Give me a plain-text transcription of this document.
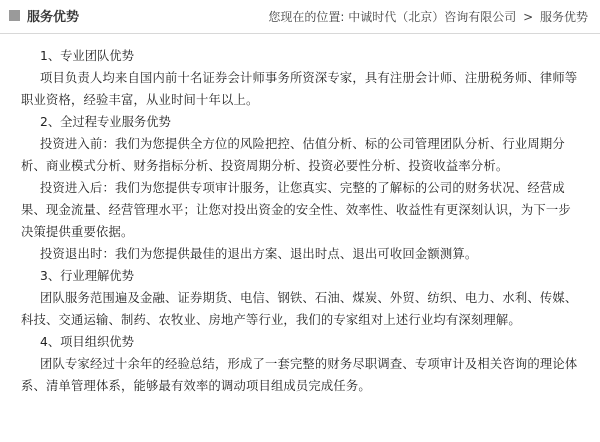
服务优势	您现在的位置: 中诚时代（北京）咨询有限公司 > 服务优势

1、专业团队优势

项目负责人均来自国内前十名证券会计师事务所资深专家，具有注册会计师、注册税务师、律师等职业资格，经验丰富，从业时间十年以上。

2、全过程专业服务优势

投资进入前：我们为您提供全方位的风险把控、估值分析、标的公司管理团队分析、行业周期分析、商业模式分析、财务指标分析、投资周期分析、投资必要性分析、投资收益率分析。

投资进入后：我们为您提供专项审计服务，让您真实、完整的了解标的公司的财务状况、经营成果、现金流量、经营管理水平；让您对投出资金的安全性、效率性、收益性有更深刻认识，为下一步决策提供重要依据。

投资退出时：我们为您提供最佳的退出方案、退出时点、退出可收回金额测算。

3、行业理解优势

团队服务范围遍及金融、证券期货、电信、钢铁、石油、煤炭、外贸、纺织、电力、水利、传媒、科技、交通运输、制药、农牧业、房地产等行业，我们的专家组对上述行业均有深刻理解。

4、项目组织优势

团队专家经过十余年的经验总结，形成了一套完整的财务尽职调查、专项审计及相关咨询的理论体系、清单管理体系，能够最有效率的调动项目组成员完成任务。
